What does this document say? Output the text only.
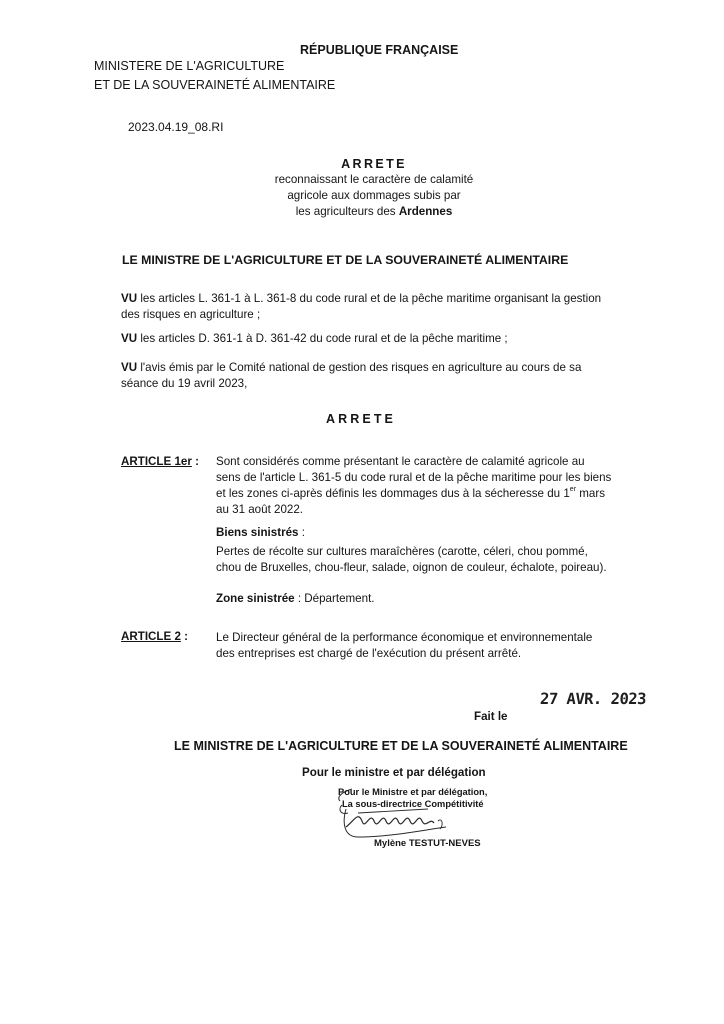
RÉPUBLIQUE FRANÇAISE
MINISTERE DE L'AGRICULTURE
ET DE LA SOUVERAINETÉ ALIMENTAIRE
2023.04.19_08.RI
ARRETE
reconnaissant le caractère de calamité
agricole aux dommages subis par
les agriculteurs des Ardennes
LE MINISTRE DE L'AGRICULTURE ET DE LA SOUVERAINETÉ ALIMENTAIRE
VU les articles L. 361-1 à L. 361-8 du code rural et de la pêche maritime organisant la gestion
des risques en agriculture ;
VU les articles D. 361-1 à D. 361-42 du code rural et de la pêche maritime ;
VU l'avis émis par le Comité national de gestion des risques en agriculture au cours de sa
séance du 19 avril 2023,
ARRETE
ARTICLE 1er : Sont considérés comme présentant le caractère de calamité agricole au
sens de l'article L. 361-5 du code rural et de la pêche maritime pour les biens
et les zones ci-après définis les dommages dus à la sécheresse du 1er mars
au 31 août 2022.
Biens sinistrés :
Pertes de récolte sur cultures maraîchères (carotte, céleri, chou pommé,
chou de Bruxelles, chou-fleur, salade, oignon de couleur, échalote, poireau).
Zone sinistrée : Département.
ARTICLE 2 : Le Directeur général de la performance économique et environnementale
des entreprises est chargé de l'exécution du présent arrêté.
27 AVR. 2023
Fait le
LE MINISTRE DE L'AGRICULTURE ET DE LA SOUVERAINETÉ ALIMENTAIRE
Pour le ministre et par délégation
Pour le Ministre et par délégation,
La sous-directrice Compétitivité
Mylène TESTUT-NEVES
